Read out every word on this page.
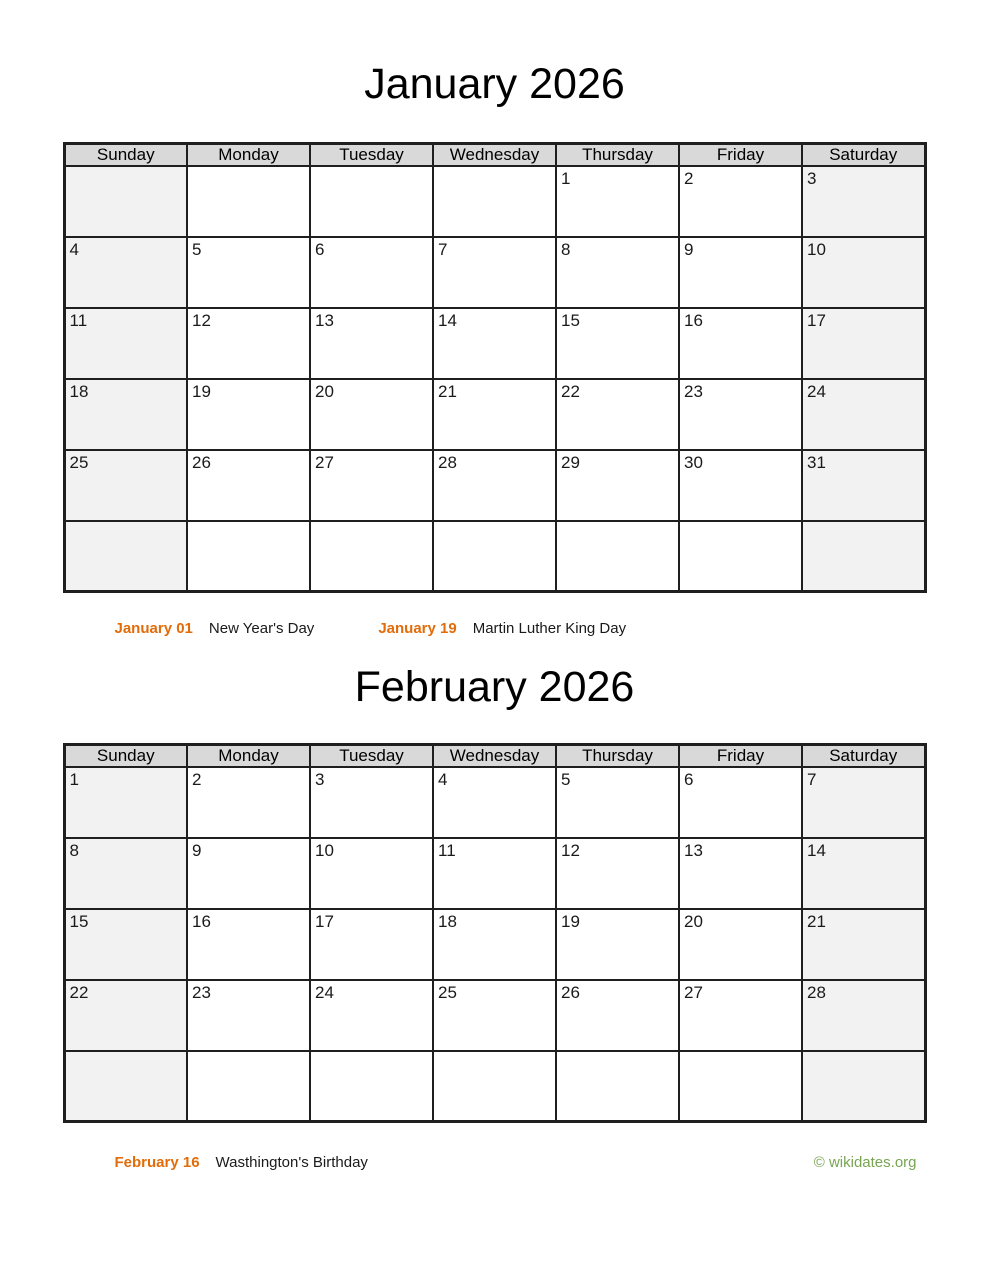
January 2026
Sunday	Monday	Tuesday	Wednesday	Thursday	Friday	Saturday
				1	2	3
4	5	6	7	8	9	10
11	12	13	14	15	16	17
18	19	20	21	22	23	24
25	26	27	28	29	30	31

January 01 New Year's Day	January 19 Martin Luther King Day
February 2026
Sunday	Monday	Tuesday	Wednesday	Thursday	Friday	Saturday
1	2	3	4	5	6	7
8	9	10	11	12	13	14
15	16	17	18	19	20	21
22	23	24	25	26	27	28

February 16 Wasthington's Birthday	© wikidates.org
